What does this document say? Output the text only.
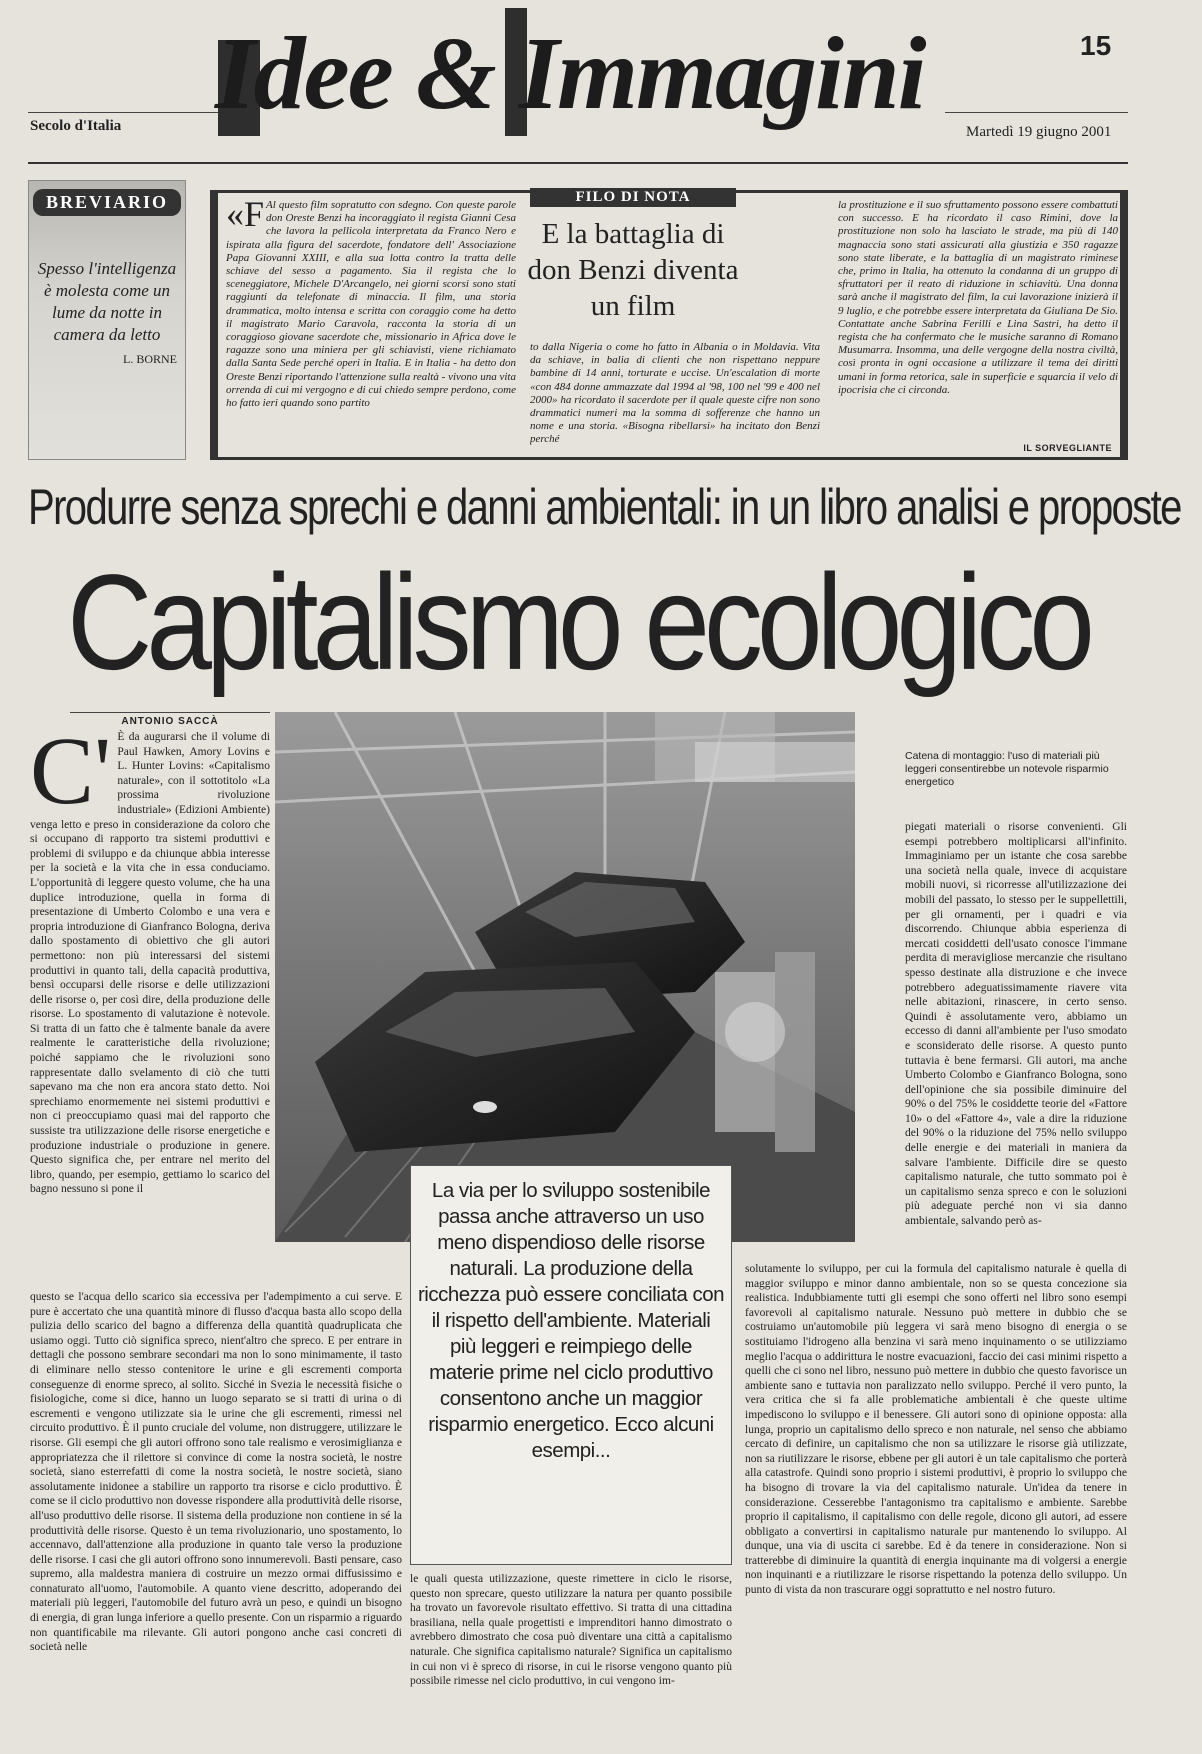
15
Secolo d'Italia Idee & Immagini
Martedì 19 giugno 2001
BREVIARIO
Spesso l'intelligenza è molesta come un lume da notte in camera da letto
L. BORNE
«F Al questo film sopratutto con sdegno. Con queste parole don Oreste Benzi ha incoraggiato il regista Gianni Cesa che lavora la pellicola interpretata da Franco Nero e ispirata alla figura del sacerdote, fondatore dell' Associazione Papa Giovanni XXIII, e alla sua lotta contro la tratta delle schiave del sesso a pagamento. Sia il regista che lo sceneggiatore, Michele D'Arcangelo, nei giorni scorsi sono stati raggiunti da telefonate di minaccia. Il film, una storia drammatica, molto intensa e scritta con coraggio come ha detto il magistrato Mario Caravola, racconta la storia di un coraggioso giovane sacerdote che, missionario in Africa dove le ragazze sono una miniera per gli schiavisti, viene richiamato dalla Santa Sede perché operi in Italia. E in Italia - ha detto don Oreste Benzi riportando l'attenzione sulla realtà - vivono una vita orrenda di cui mi vergogno e di cui chiedo sempre perdono, come ho fatto ieri quando sono partito
to dalla Nigeria o come ho fatto in Albania o in Moldavia. Vita da schiave, in balia di clienti che non rispettano neppure bambine di 14 anni, torturate e uccise. Un'escalation di morte «con 484 donne ammazzate dal 1994 al '98, 100 nel '99 e 400 nel 2000» ha ricordato il sacerdote per il quale queste cifre non sono drammatici numeri ma la somma di sofferenze che hanno un nome e una storia. «Bisogna ribellarsi» ha incitato don Benzi perché
la prostituzione e il suo sfruttamento possono essere combattuti con successo. E ha ricordato il caso Rimini, dove la prostituzione non solo ha lasciato le strade, ma più di 140 magnaccia sono stati assicurati alla giustizia e 350 ragazze sono state liberate, e la battaglia di un magistrato riminese che, primo in Italia, ha ottenuto la condanna di un gruppo di sfruttatori per il reato di riduzione in schiavitù. Una donna sarà anche il magistrato del film, la cui lavorazione inizierà il 9 luglio, e che potrebbe essere interpretata da Giuliana De Sio. Contattate anche Sabrina Ferilli e Lina Sastri, ha detto il regista che ha confermato che le musiche saranno di Romano Musumarra. Insomma, una delle vergogne della nostra civiltà, così pronta in ogni occasione a utilizzare il tema dei diritti umani in forma retorica, sale in superficie e squarcia il velo di ipocrisia che ci circonda.
IL SORVEGLIANTE
FILO DI NOTA
E la battaglia di don Benzi diventa un film
Produrre senza sprechi e danni ambientali: in un libro analisi e proposte
Capitalismo ecologico
ANTONIO SACCÀ
C' È da augurarsi che il volume di Paul Hawken, Amory Lovins e L. Hunter Lovins: «Capitalismo naturale», con il sottotitolo «La prossima rivoluzione industriale» (Edizioni Ambiente) venga letto e preso in considerazione da coloro che si occupano di rapporto tra sistemi produttivi e problemi di sviluppo e da chiunque abbia interesse per la società e la vita che in essa conduciamo. L'opportunità di leggere questo volume, che ha una duplice introduzione, quella in forma di presentazione di Umberto Colombo e una vera e propria introduzione di Gianfranco Bologna, deriva dallo spostamento di obiettivo che gli autori permettono: non più interessarsi del sistemi produttivi in quanto tali, della capacità produttiva, bensì occuparsi delle risorse e delle utilizzazioni delle risorse o, per così dire, della produzione delle risorse. Lo spostamento di valutazione è notevole. Si tratta di un fatto che è talmente banale da avere realmente le caratteristiche della rivoluzione; poiché sappiamo che le rivoluzioni sono rappresentate dallo svelamento di ciò che tutti sapevano ma che non era ancora stato detto. Noi sprechiamo enormemente nei sistemi produttivi e non ci preoccupiamo quasi mai del rapporto che sussiste tra utilizzazione delle risorse energetiche e produzione industriale o produzione in genere. Questo significa che, per entrare nel merito del libro, quando, per esempio, gettiamo lo scarico del bagno nessuno si pone il
questo se l'acqua dello scarico sia eccessiva per l'adempimento a cui serve. E pure è accertato che una quantità minore di flusso d'acqua basta allo scopo della pulizia dello scarico del bagno a differenza della quantità quadruplicata che usiamo oggi. Tutto ciò significa spreco, nient'altro che spreco. E per entrare in dettagli che possono sembrare secondari ma non lo sono minimamente, il tasto di eliminare nello stesso contenitore le urine e gli escrementi comporta conseguenze di enorme spreco, al solito. Sicché in Svezia le necessità fisiche o fisiologiche, come si dice, hanno un luogo separato se si tratti di urina o di escrementi e vengono utilizzate sia le urine che gli escrementi, rimessi nel circuito produttivo. È il punto cruciale del volume, non distruggere, utilizzare le risorse. Gli esempi che gli autori offrono sono tale realismo e verosimiglianza e appropriatezza che il rilettore si convince di come la nostra società, le nostre società, siano esterrefatti di come la nostra società, le nostre società, siano assolutamente inidonee a stabilire un rapporto tra risorse e ciclo produttivo. È come se il ciclo produttivo non dovesse rispondere alla produttività delle risorse, all'uso produttivo delle risorse. Il sistema della produzione non contiene in sé la produttività delle risorse. Questo è un tema rivoluzionario, uno spostamento, lo accennavo, dall'attenzione alla produzione in quanto tale verso la produzione delle risorse. I casi che gli autori offrono sono innumerevoli. Basti pensare, caso supremo, alla maldestra maniera di costruire un mezzo ormai diffusissimo e connaturato all'uomo, l'automobile. A quanto viene descritto, adoperando dei materiali più leggeri, l'automobile del futuro avrà un peso, e quindi un bisogno di energia, di gran lunga inferiore a quello presente. Con un risparmio a riguardo non quantificabile ma rilevante. Gli autori pongono anche casi concreti di società nelle
Catena di montaggio: l'uso di materiali più leggeri consentirebbe un notevole risparmio energetico
le quali questa utilizzazione, queste rimettere in ciclo le risorse, questo non sprecare, questo utilizzare la natura per quanto possibile ha trovato un favorevole risultato effettivo. Si tratta di una cittadina brasiliana, nella quale progettisti e imprenditori hanno dimostrato o avrebbero dimostrato che cosa può diventare una città a capitalismo naturale. Che significa capitalismo naturale? Significa un capitalismo in cui non vi è spreco di risorse, in cui le risorse vengono quanto più possibile rimesse nel ciclo produttivo, in cui vengono im-
piegati materiali o risorse convenienti. Gli esempi potrebbero moltiplicarsi all'infinito. Immaginiamo per un istante che cosa sarebbe una società nella quale, invece di acquistare mobili nuovi, si ricorresse all'utilizzazione dei mobili del passato, lo stesso per le suppellettili, per gli ornamenti, per i quadri e via discorrendo. Chiunque abbia esperienza di mercati cosiddetti dell'usato conosce l'immane perdita di meravigliose mercanzie che risultano spesso destinate alla distruzione e che invece potrebbero adeguatissimamente riavere vita nelle abitazioni, rinascere, in certo senso. Quindi è assolutamente vero, abbiamo un eccesso di danni all'ambiente per l'uso smodato e sconsiderato delle risorse. A questo punto tuttavia è bene fermarsi. Gli autori, ma anche Umberto Colombo e Gianfranco Bologna, sono dell'opinione che sia possibile diminuire del 90% o del 75% le cosiddette teorie del «Fattore 10» o del «Fattore 4», vale a dire la riduzione del 90% o la riduzione del 75% nello sviluppo delle energie e dei materiali in maniera da salvare l'ambiente. Difficile dire se questo capitalismo naturale, che tutto sommato poi è un capitalismo senza spreco e con le soluzioni più adeguate perché non vi sia danno ambientale, salvando però as-
solutamente lo sviluppo, per cui la formula del capitalismo naturale è quella di maggior sviluppo e minor danno ambientale, non so se questa concezione sia realistica. Indubbiamente tutti gli esempi che sono offerti nel libro sono esempi favorevoli al capitalismo naturale. Nessuno può mettere in dubbio che se costruiamo un'automobile più leggera vi sarà meno bisogno di energia o se sostituiamo l'idrogeno alla benzina vi sarà meno inquinamento o se utilizziamo meglio l'acqua o addirittura le nostre evacuazioni, faccio dei casi minimi rispetto a quelli che ci sono nel libro, nessuno può mettere in dubbio che questo favorisce un ambiente sano e tuttavia non paralizzato nello sviluppo. Perché il vero punto, la vera critica che si fa alle problematiche ambientali è che queste ultime impediscono lo sviluppo e il benessere. Gli autori sono di opinione opposta: alla lunga, proprio un capitalismo dello spreco e non naturale, nel senso che abbiamo cercato di definire, un capitalismo che non sa utilizzare le risorse già utilizzate, non sa riutilizzare le risorse, ebbene per gli autori è un tale capitalismo che porterà alla catastrofe. Quindi sono proprio i sistemi produttivi, è proprio lo sviluppo che ha bisogno di trovare la via del capitalismo naturale. Un'idea da tenere in considerazione. Cesserebbe l'antagonismo tra capitalismo e ambiente. Sarebbe proprio il capitalismo, il capitalismo con delle regole, dicono gli autori, ad essere obbligato a convertirsi in capitalismo naturale pur mantenendo lo sviluppo. Al dunque, una via di uscita ci sarebbe. Ed è da tenere in considerazione. Non si tratterebbe di diminuire la quantità di energia inquinante ma di volgersi a energie non inquinanti e a riutilizzare le risorse rispettando la potenza dello sviluppo. Un punto di vista da non trascurare oggi soprattutto e nel nostro futuro.
La via per lo sviluppo sostenibile passa anche attraverso un uso meno dispendioso delle risorse naturali. La produzione della ricchezza può essere conciliata con il rispetto dell'ambiente. Materiali più leggeri e reimpiego delle materie prime nel ciclo produttivo consentono anche un maggior risparmio energetico. Ecco alcuni esempi...
